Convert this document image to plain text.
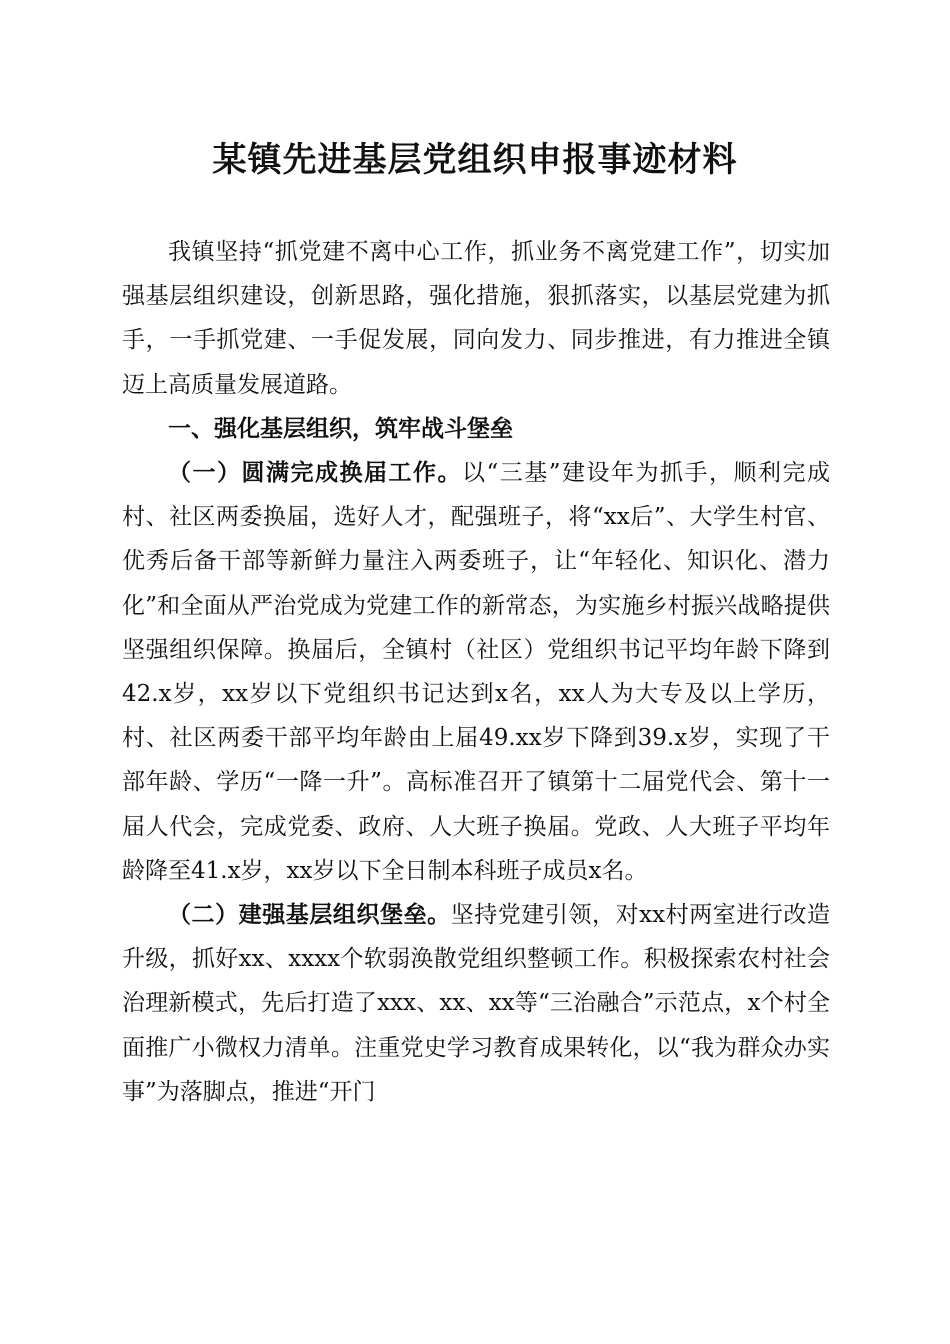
某镇先进基层党组织申报事迹材料

我镇坚持“抓党建不离中心工作，抓业务不离党建工作”，切实加强基层组织建设，创新思路，强化措施，狠抓落实，以基层党建为抓手，一手抓党建、一手促发展，同向发力、同步推进，有力推进全镇迈上高质量发展道路。

一、强化基层组织，筑牢战斗堡垒

（一）圆满完成换届工作。以“三基”建设年为抓手，顺利完成村、社区两委换届，选好人才，配强班子，将“xx后”、大学生村官、优秀后备干部等新鲜力量注入两委班子，让“年轻化、知识化、潜力化”和全面从严治党成为党建工作的新常态，为实施乡村振兴战略提供坚强组织保障。换届后，全镇村（社区）党组织书记平均年龄下降到42.x岁，xx岁以下党组织书记达到x名，xx人为大专及以上学历，村、社区两委干部平均年龄由上届49.xx岁下降到39.x岁，实现了干部年龄、学历“一降一升”。高标准召开了镇第十二届党代会、第十一届人代会，完成党委、政府、人大班子换届。党政、人大班子平均年龄降至41.x岁，xx岁以下全日制本科班子成员x名。

（二）建强基层组织堡垒。坚持党建引领，对xx村两室进行改造升级，抓好xx、xxxx个软弱涣散党组织整顿工作。积极探索农村社会治理新模式，先后打造了xxx、xx、xx等“三治融合”示范点，x个村全面推广小微权力清单。注重党史学习教育成果转化，以“我为群众办实事”为落脚点，推进“开门
